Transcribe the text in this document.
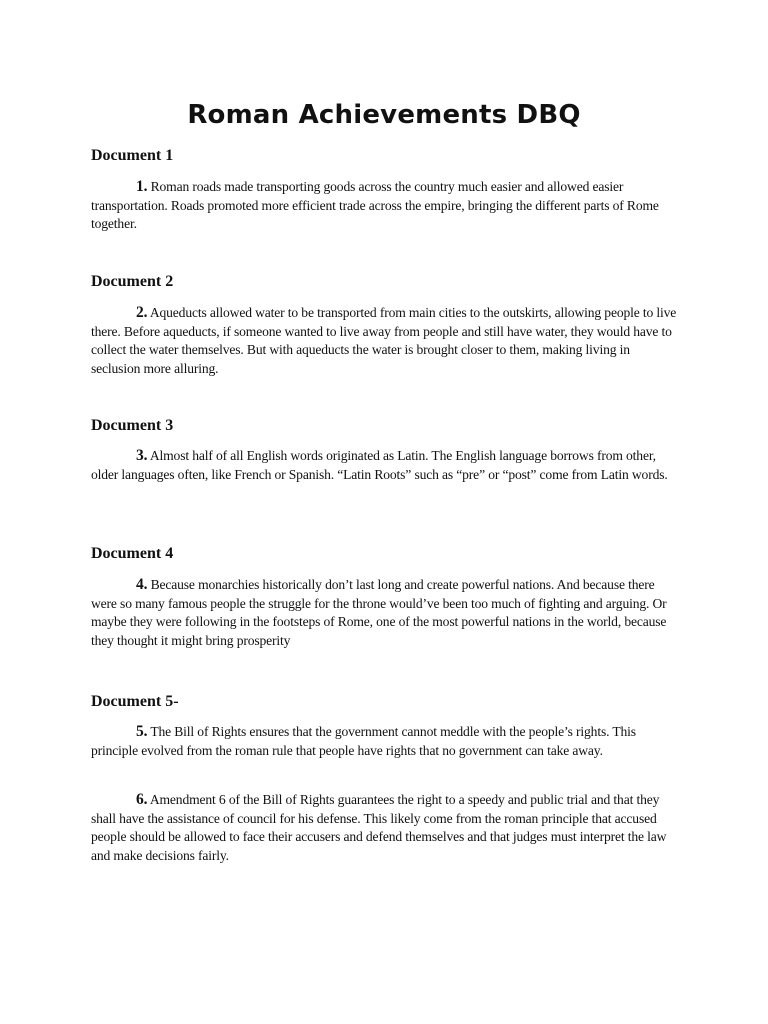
Roman Achievements DBQ
Document 1

1. Roman roads made transporting goods across the country much easier and allowed easier transportation. Roads promoted more efficient trade across the empire, bringing the different parts of Rome together.

Document 2

2. Aqueducts allowed water to be transported from main cities to the outskirts, allowing people to live there. Before aqueducts, if someone wanted to live away from people and still have water, they would have to collect the water themselves. But with aqueducts the water is brought closer to them, making living in seclusion more alluring.

Document 3

3. Almost half of all English words originated as Latin. The English language borrows from other, older languages often, like French or Spanish. “Latin Roots” such as “pre” or “post” come from Latin words.

Document 4

4. Because monarchies historically don’t last long and create powerful nations. And because there were so many famous people the struggle for the throne would’ve been too much of fighting and arguing. Or maybe they were following in the footsteps of Rome, one of the most powerful nations in the world, because they thought it might bring prosperity

Document 5-

5. The Bill of Rights ensures that the government cannot meddle with the people’s rights. This principle evolved from the roman rule that people have rights that no government can take away.

6. Amendment 6 of the Bill of Rights guarantees the right to a speedy and public trial and that they shall have the assistance of council for his defense. This likely come from the roman principle that accused people should be allowed to face their accusers and defend themselves and that judges must interpret the law and make decisions fairly.
